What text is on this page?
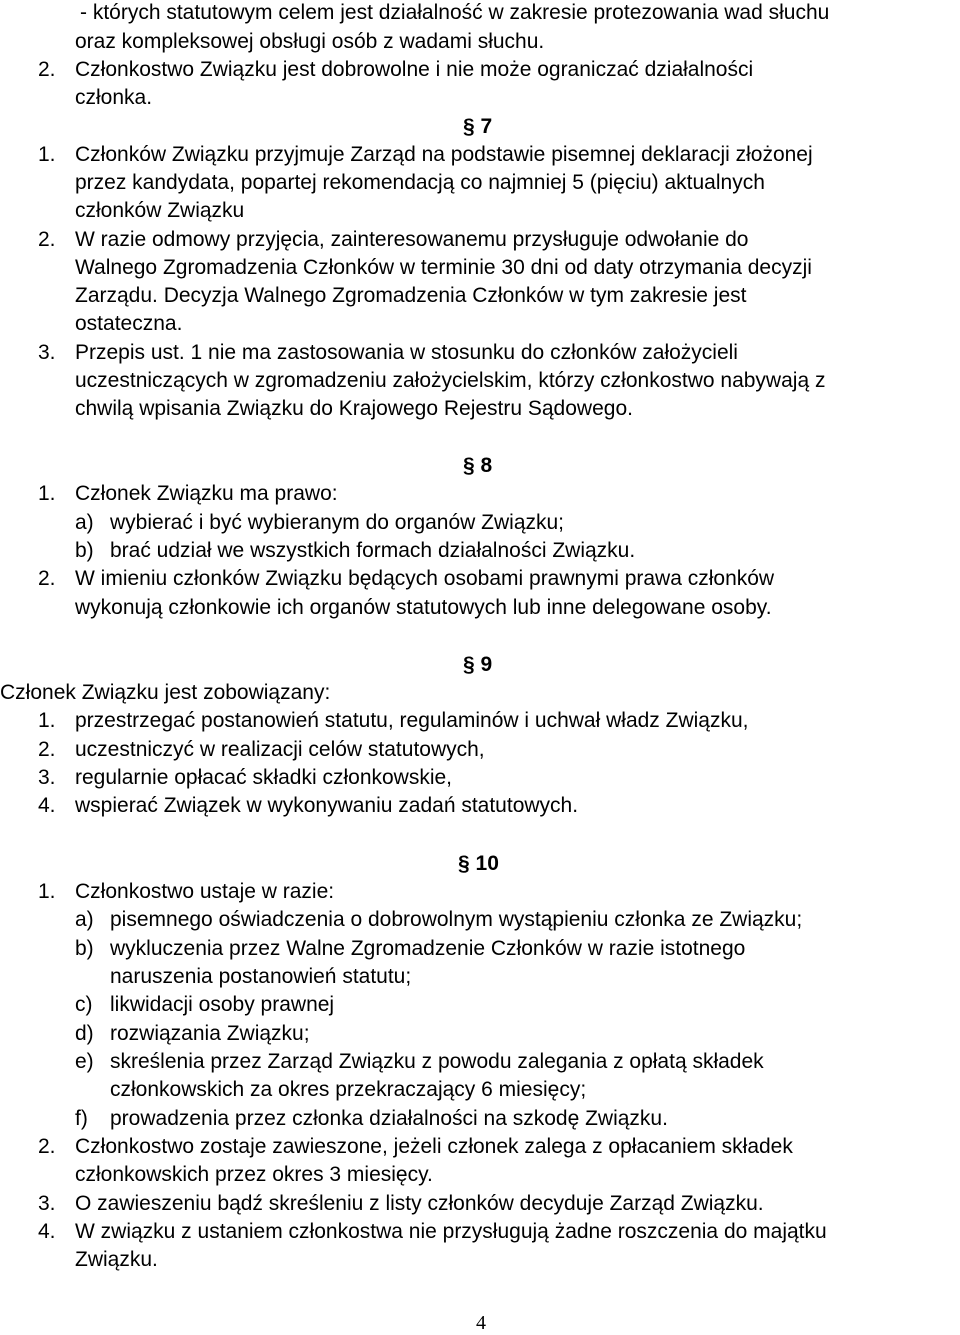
- których statutowym celem jest działalność w zakresie protezowania wad słuchu
oraz kompleksowej obsługi osób z wadami słuchu.
2. Członkostwo Związku jest dobrowolne i nie może ograniczać działalności
członka.
§ 7
1. Członków Związku przyjmuje Zarząd na podstawie pisemnej deklaracji złożonej
przez kandydata, popartej rekomendacją co najmniej 5 (pięciu) aktualnych
członków Związku
2. W razie odmowy przyjęcia, zainteresowanemu przysługuje odwołanie do
Walnego Zgromadzenia Członków w terminie 30 dni od daty otrzymania decyzji
Zarządu. Decyzja Walnego Zgromadzenia Członków w tym zakresie jest
ostateczna.
3. Przepis ust. 1 nie ma zastosowania w stosunku do członków założycieli
uczestniczących w zgromadzeniu założycielskim, którzy członkostwo nabywają z
chwilą wpisania Związku do Krajowego Rejestru Sądowego.
§ 8
1. Członek Związku ma prawo:
a) wybierać i być wybieranym do organów Związku;
b) brać udział we wszystkich formach działalności Związku.
2. W imieniu członków Związku będących osobami prawnymi prawa członków
wykonują członkowie ich organów statutowych lub inne delegowane osoby.
§ 9
Członek Związku jest zobowiązany:
1. przestrzegać postanowień statutu, regulaminów i uchwał władz Związku,
2. uczestniczyć w realizacji celów statutowych,
3. regularnie opłacać składki członkowskie,
4. wspierać Związek w wykonywaniu zadań statutowych.
§ 10
1. Członkostwo ustaje w razie:
a) pisemnego oświadczenia o dobrowolnym wystąpieniu członka ze Związku;
b) wykluczenia przez Walne Zgromadzenie Członków w razie istotnego
naruszenia postanowień statutu;
c) likwidacji osoby prawnej
d) rozwiązania Związku;
e) skreślenia przez Zarząd Związku z powodu zalegania z opłatą składek
członkowskich za okres przekraczający 6 miesięcy;
f) prowadzenia przez członka działalności na szkodę Związku.
2. Członkostwo zostaje zawieszone, jeżeli członek zalega z opłacaniem składek
członkowskich przez okres 3 miesięcy.
3. O zawieszeniu bądź skreśleniu z listy członków decyduje Zarząd Związku.
4. W związku z ustaniem członkostwa nie przysługują żadne roszczenia do majątku
Związku.
4
